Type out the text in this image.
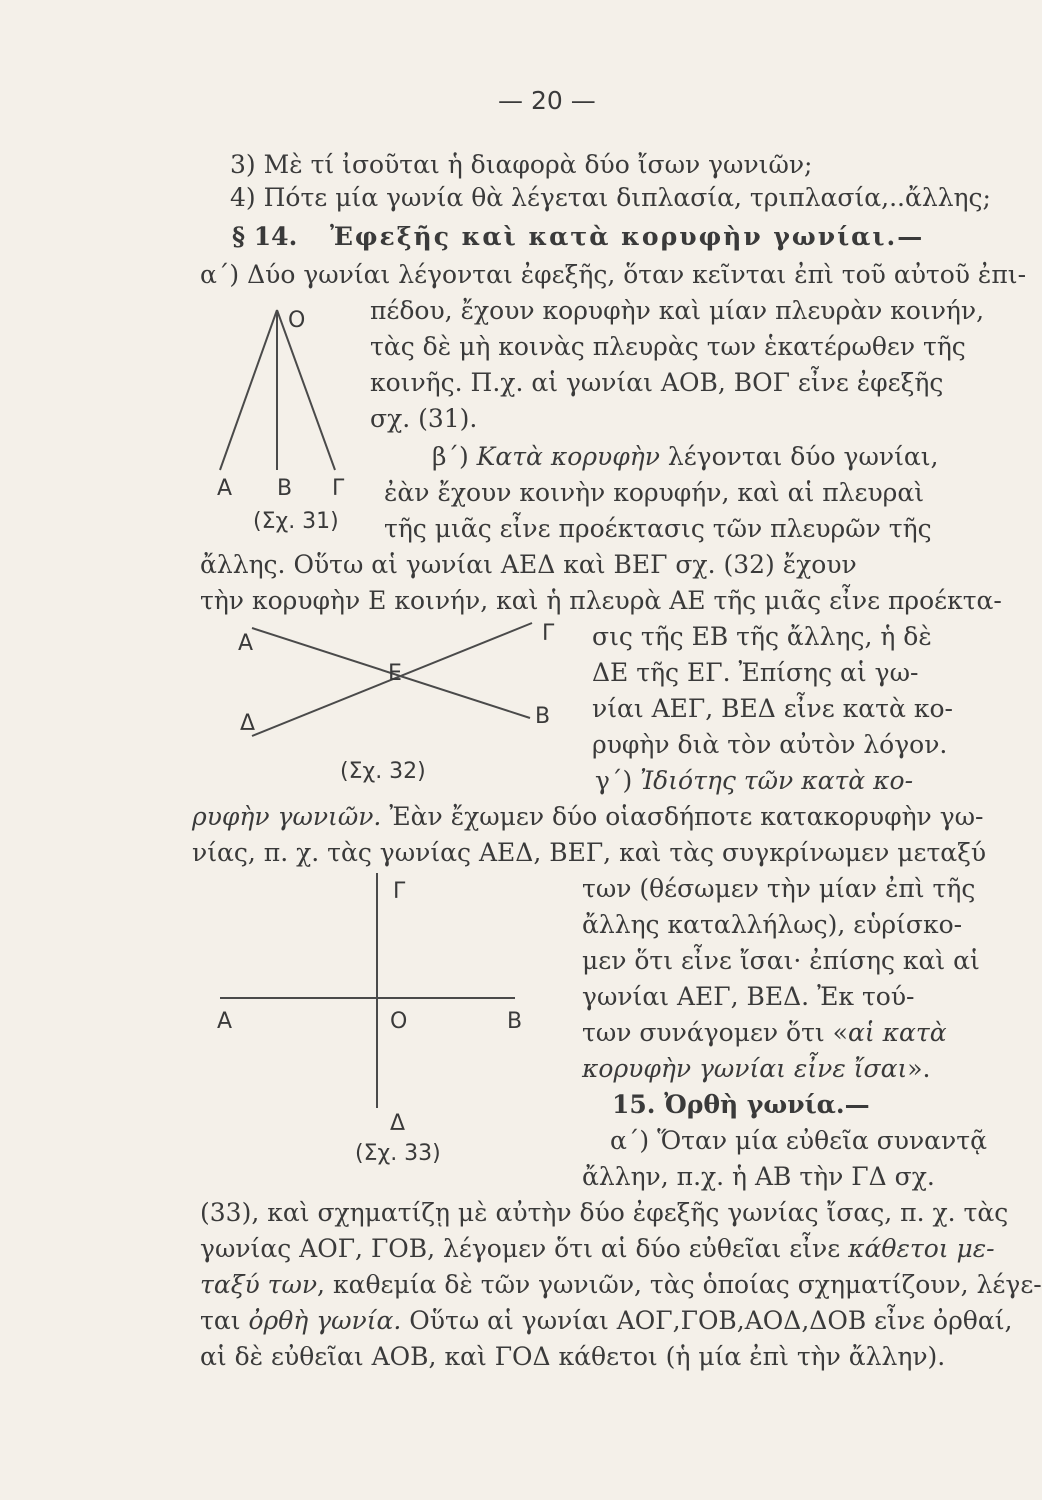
— 20 —
3) Μὲ τί ἰσοῦται ἡ διαφορὰ δύο ἴσων γωνιῶν;
4) Πότε μία γωνία θὰ λέγεται διπλασία, τριπλασία,..ἄλλης;
§ 14. Ἐφεξῆς καὶ κατὰ κορυφὴν γωνίαι.—
α΄) Δύο γωνίαι λέγονται ἐφεξῆς, ὅταν κεῖνται ἐπὶ τοῦ αὐτοῦ ἐπι-
πέδου, ἔχουν κορυφὴν καὶ μίαν πλευρὰν κοινήν,
τὰς δὲ μὴ κοινὰς πλευρὰς των ἑκατέρωθεν τῆς
κοινῆς. Π.χ. αἱ γωνίαι ΑΟΒ, ΒΟΓ εἶνε ἐφεξῆς
σχ. (31).
β΄) Κατὰ κορυφὴν λέγονται δύο γωνίαι,
ἐὰν ἔχουν κοινὴν κορυφήν, καὶ αἱ πλευραὶ
τῆς μιᾶς εἶνε προέκτασις τῶν πλευρῶν τῆς
ἄλλης. Οὕτω αἱ γωνίαι ΑΕΔ καὶ ΒΕΓ σχ. (32) ἔχουν
τὴν κορυφὴν Ε κοινήν, καὶ ἡ πλευρὰ ΑΕ τῆς μιᾶς εἶνε προέκτα-
σις τῆς ΕΒ τῆς ἄλλης, ἡ δὲ
ΔΕ τῆς ΕΓ. Ἐπίσης αἱ γω-
νίαι ΑΕΓ, ΒΕΔ εἶνε κατὰ κο-
ρυφὴν διὰ τὸν αὐτὸν λόγον.
γ΄) Ἰδιότης τῶν κατὰ κο-
ρυφὴν γωνιῶν. Ἐὰν ἔχωμεν δύο οἱασδήποτε κατακορυφὴν γω-
νίας, π. χ. τὰς γωνίας ΑΕΔ, ΒΕΓ, καὶ τὰς συγκρίνωμεν μεταξύ
των (θέσωμεν τὴν μίαν ἐπὶ τῆς
ἄλλης καταλλήλως), εὑρίσκο-
μεν ὅτι εἶνε ἴσαι· ἐπίσης καὶ αἱ
γωνίαι ΑΕΓ, ΒΕΔ. Ἐκ τού-
των συνάγομεν ὅτι «αἱ κατὰ
κορυφὴν γωνίαι εἶνε ἴσαι».
15. Ὀρθὴ γωνία.—
α΄) Ὅταν μία εὐθεῖα συναντᾷ
ἄλλην, π.χ. ἡ ΑΒ τὴν ΓΔ σχ.
(33), καὶ σχηματίζῃ μὲ αὐτὴν δύο ἐφεξῆς γωνίας ἴσας, π. χ. τὰς
γωνίας ΑΟΓ, ΓΟΒ, λέγομεν ὅτι αἱ δύο εὐθεῖαι εἶνε κάθετοι με-
ταξύ των, καθεμία δὲ τῶν γωνιῶν, τὰς ὁποίας σχηματίζουν, λέγε-
ται ὀρθὴ γωνία. Οὕτω αἱ γωνίαι ΑΟΓ,ΓΟΒ,ΑΟΔ,ΔΟΒ εἶνε ὀρθαί,
αἱ δὲ εὐθεῖαι ΑΟΒ, καὶ ΓΟΔ κάθετοι (ἡ μία ἐπὶ τὴν ἄλλην).
O
A B Γ
(Σχ. 31)
A	Γ
E
Δ	B
(Σχ. 32)
Γ
A	O	B
Δ
(Σχ. 33)
